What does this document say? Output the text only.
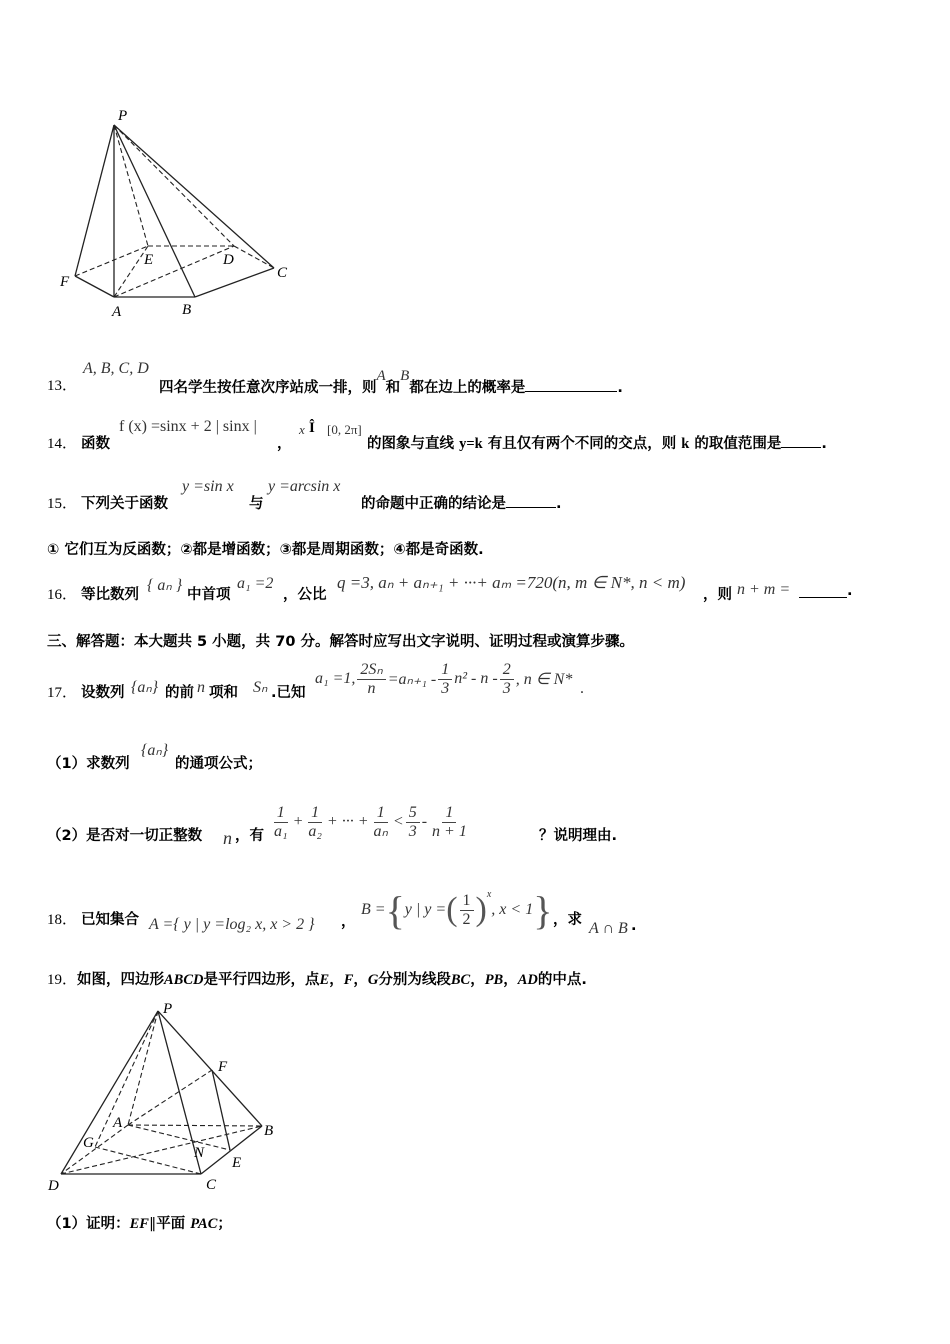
P
E	D
C
F
A	B
13．
A, B, C, D
四名学生按任意次序站成一排，则$^A$和$^B$都在边上的概率是	.
14． 函数
f (x) =sinx + 2 | sinx |
，
x Î [0, 2π]
的图象与直线 y=k 有且仅有两个不同的交点，则 k 的取值范围是	.
15． 下列关于函数
y =sin x
与
y =arcsin x
的命题中正确的结论是	.
① 它们互为反函数；②都是增函数；③都是周期函数；④都是奇函数.
16． 等比数列
{ aₙ }
中首项
a₁ =2
，公比
q =3, aₙ + aₙ₊₁ + ···+ aₘ =720(n, m ∈ N*, n < m)
，则 n + m =	.
三、解答题：本大题共 5 小题，共 70 分。解答时应写出文字说明、证明过程或演算步骤。
17． 设数列 {aₙ} 的前 n 项和 Sₙ .已知
a₁ =1, $\frac{\text{2Sₙ}}{n} =a_{n+1} - \frac{1}{3} n^2 - n - \frac{2}{3}$ , n ∈ N*
.
（1）求数列
{aₙ}
的通项公式；
（2）是否对一切正整数 n ，有 $\frac{1}{\text{a₁}} + \frac{1}{\text{a₂}}$ + ··· + $\frac{1}{\text{aₙ}} < \frac{5}{3} - \frac{1}{n + 1}$	？说明理由.
18． 已知集合 A ={ y | y =log₂ x, x > 2 } ，
B = { y | y = ( $\frac{1}{2} )^x$
, x < 1 } ，求 A ∩ B .
19．如图，四边形ABCD是平行四边形，点E，F，G分别为线段BC，PB，AD的中点.
P
F
A	B
G
N
E
D	C
（1）证明：EF‖平面 PAC；
